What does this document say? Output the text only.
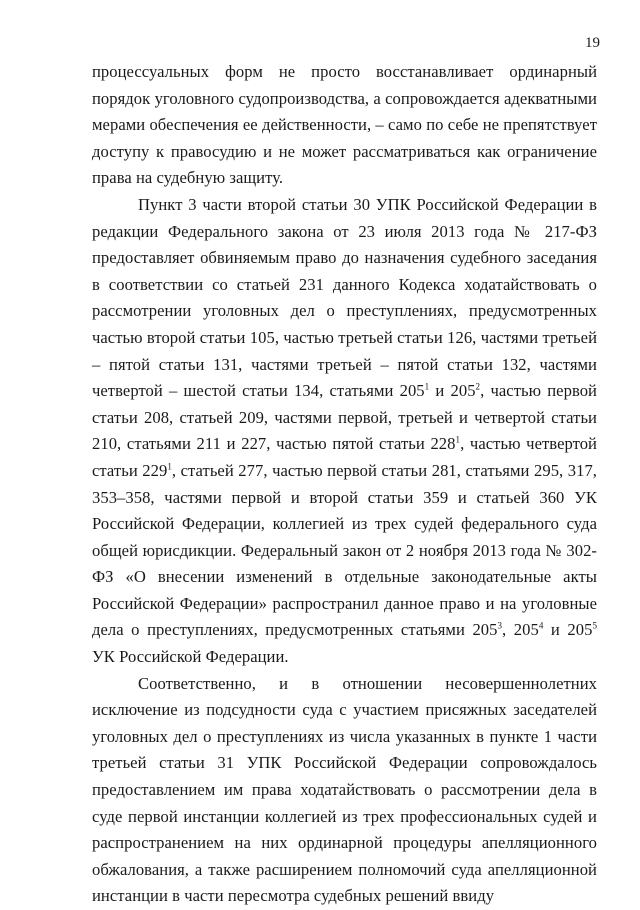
19

процессуальных форм не просто восстанавливает ординарный порядок уголовного судопроизводства, а сопровождается адекватными мерами обеспечения ее действенности, – само по себе не препятствует доступу к правосудию и не может рассматриваться как ограничение права на судебную защиту.

Пункт 3 части второй статьи 30 УПК Российской Федерации в редакции Федерального закона от 23 июля 2013 года № 217-ФЗ предоставляет обвиняемым право до назначения судебного заседания в соответствии со статьей 231 данного Кодекса ходатайствовать о рассмотрении уголовных дел о преступлениях, предусмотренных частью второй статьи 105, частью третьей статьи 126, частями третьей – пятой статьи 131, частями третьей – пятой статьи 132, частями четвертой – шестой статьи 134, статьями $205^1$ и $205^2$, частью первой статьи 208, статьей 209, частями первой, третьей и четвертой статьи 210, статьями 211 и 227, частью пятой статьи $228^1$, частью четвертой статьи $229^1$, статьей 277, частью первой статьи 281, статьями 295, 317, 353–358, частями первой и второй статьи 359 и статьей 360 УК Российской Федерации, коллегией из трех судей федерального суда общей юрисдикции. Федеральный закон от 2 ноября 2013 года № 302-ФЗ «О внесении изменений в отдельные законодательные акты Российской Федерации» распространил данное право и на уголовные дела о преступлениях, предусмотренных статьями $205^3$, $205^4$ и $205^5$ УК Российской Федерации.

Соответственно, и в отношении несовершеннолетних исключение из подсудности суда с участием присяжных заседателей уголовных дел о преступлениях из числа указанных в пункте 1 части третьей статьи 31 УПК Российской Федерации сопровождалось предоставлением им права ходатайствовать о рассмотрении дела в суде первой инстанции коллегией из трех профессиональных судей и распространением на них ординарной процедуры апелляционного обжалования, а также расширением полномочий суда апелляционной инстанции в части пересмотра судебных решений ввиду
